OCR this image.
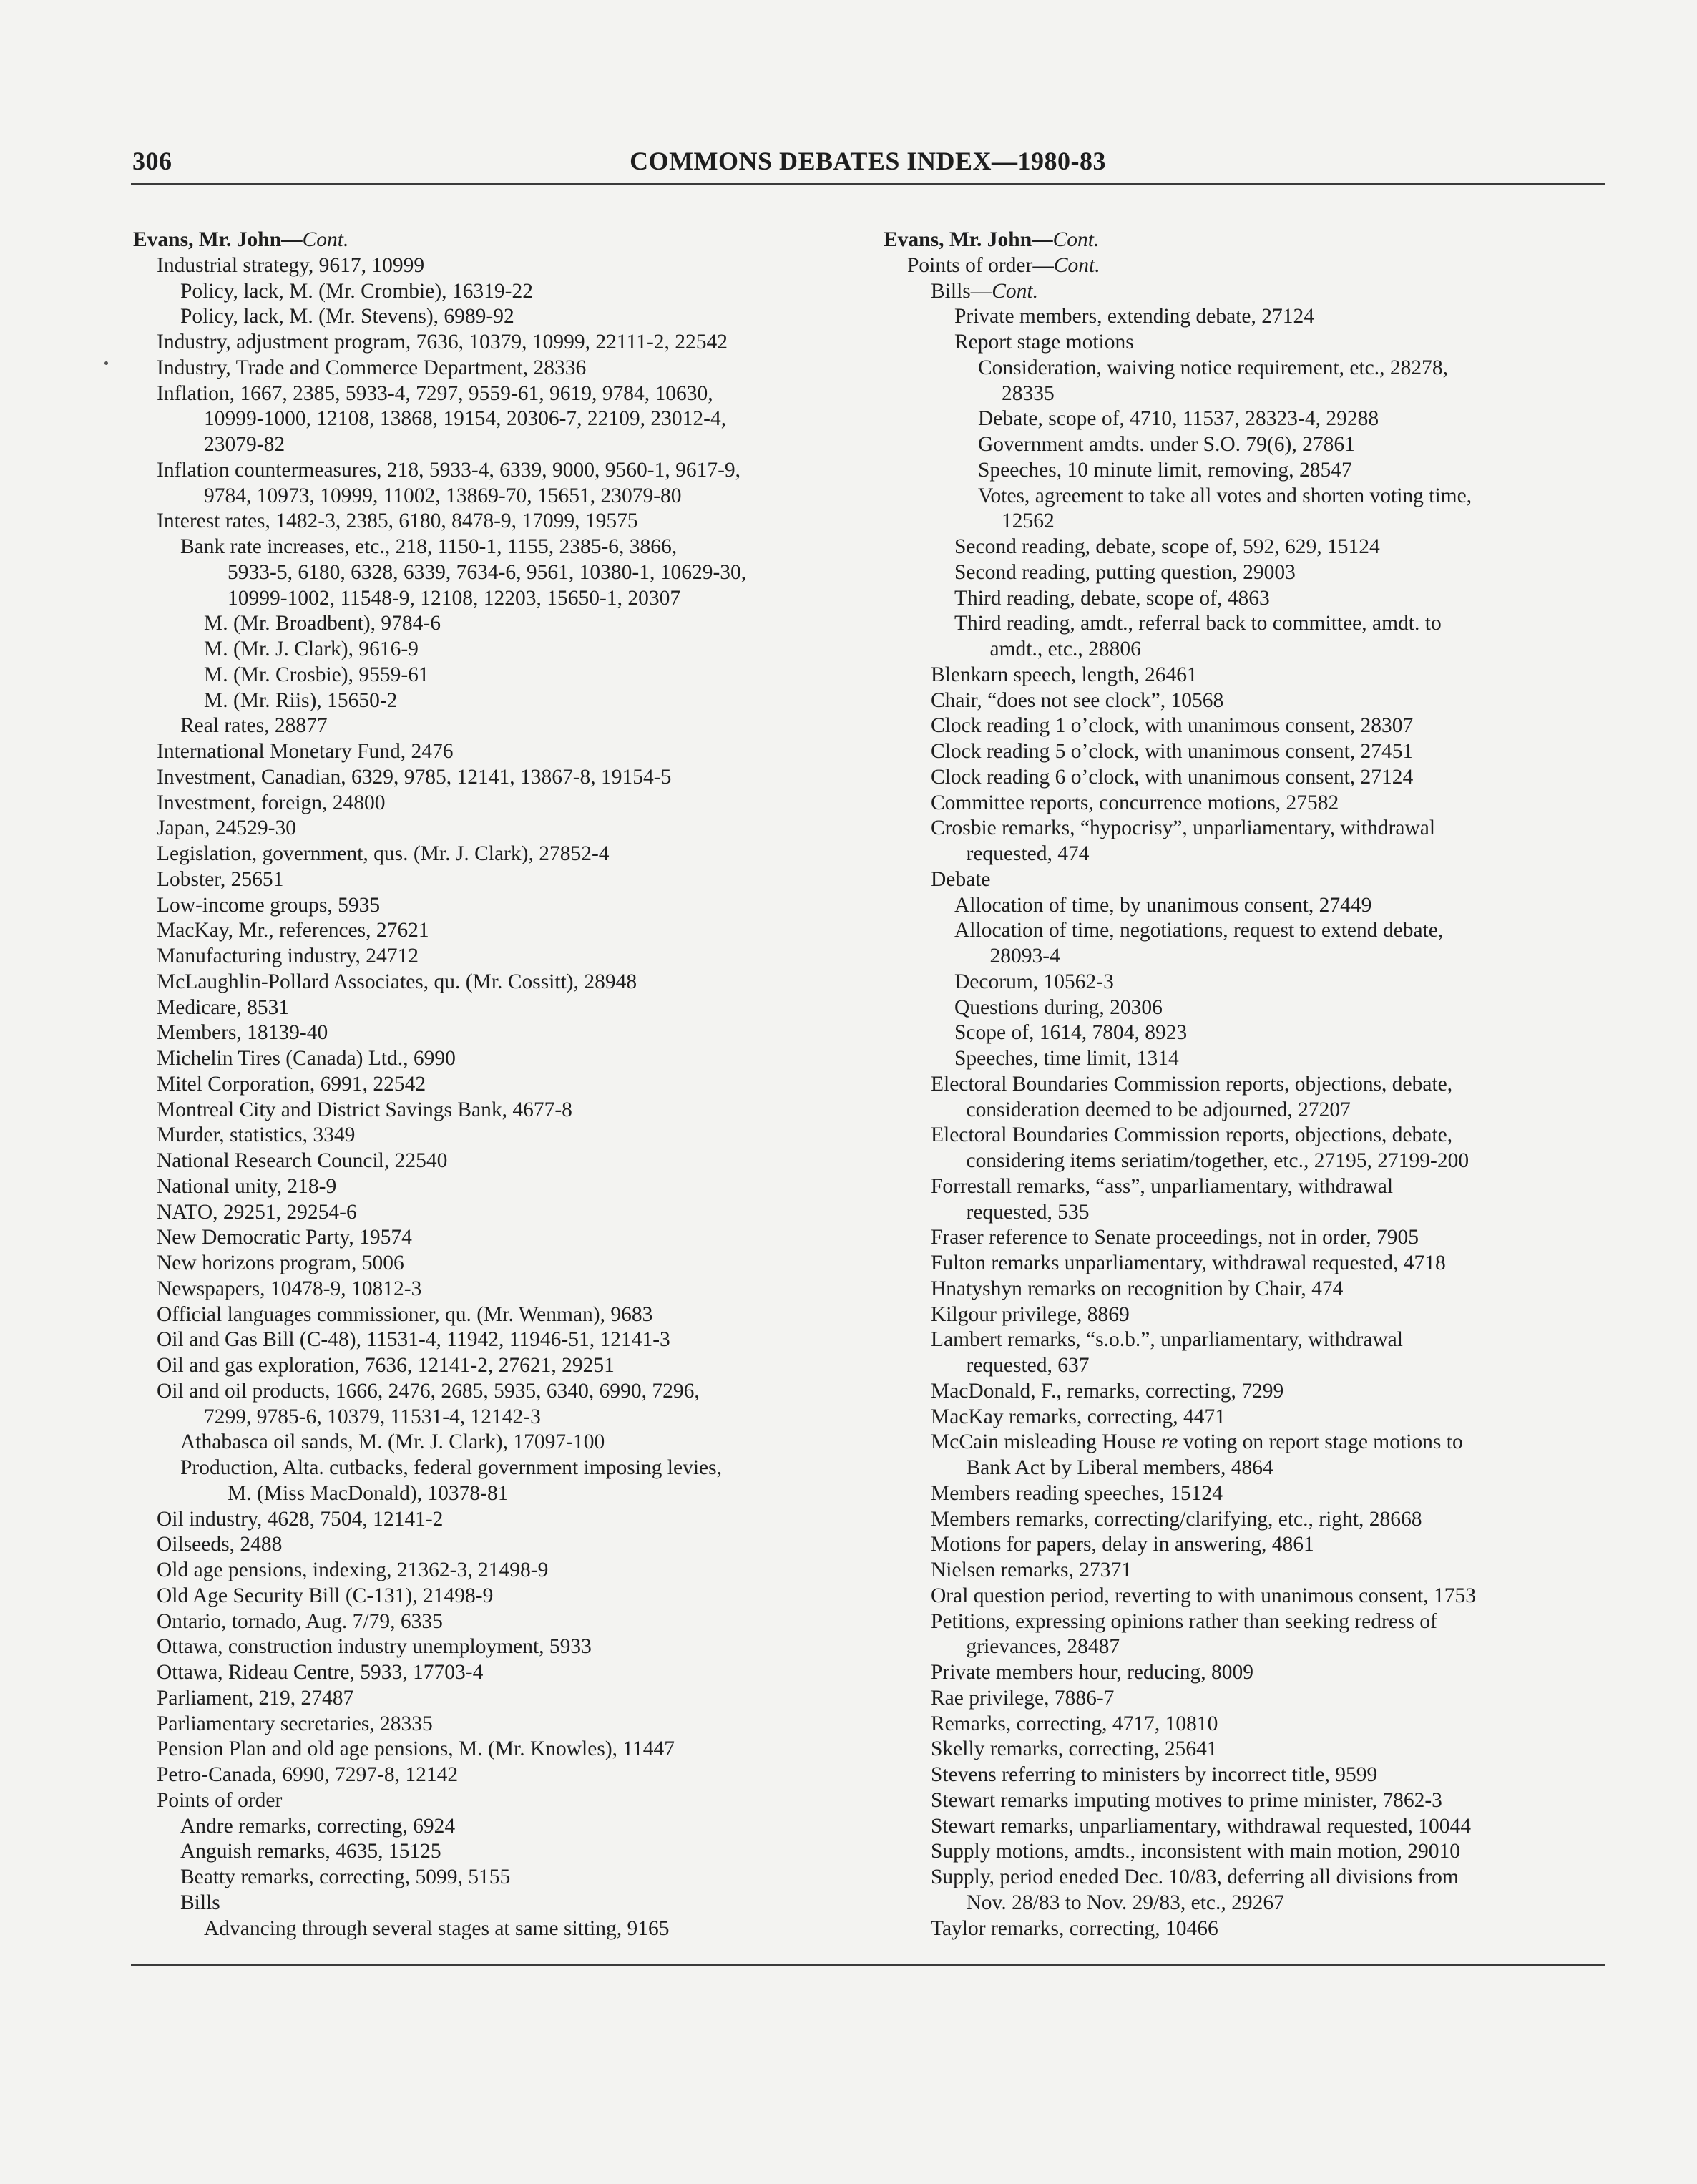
306	COMMONS DEBATES INDEX—1980-83
Evans, Mr. John—Cont.
Industrial strategy, 9617, 10999
Policy, lack, M. (Mr. Crombie), 16319-22
Policy, lack, M. (Mr. Stevens), 6989-92
Industry, adjustment program, 7636, 10379, 10999, 22111-2, 22542
Industry, Trade and Commerce Department, 28336
Inflation, 1667, 2385, 5933-4, 7297, 9559-61, 9619, 9784, 10630,
10999-1000, 12108, 13868, 19154, 20306-7, 22109, 23012-4,
23079-82
Inflation countermeasures, 218, 5933-4, 6339, 9000, 9560-1, 9617-9,
9784, 10973, 10999, 11002, 13869-70, 15651, 23079-80
Interest rates, 1482-3, 2385, 6180, 8478-9, 17099, 19575
Bank rate increases, etc., 218, 1150-1, 1155, 2385-6, 3866,
5933-5, 6180, 6328, 6339, 7634-6, 9561, 10380-1, 10629-30,
10999-1002, 11548-9, 12108, 12203, 15650-1, 20307
M. (Mr. Broadbent), 9784-6
M. (Mr. J. Clark), 9616-9
M. (Mr. Crosbie), 9559-61
M. (Mr. Riis), 15650-2
Real rates, 28877
International Monetary Fund, 2476
Investment, Canadian, 6329, 9785, 12141, 13867-8, 19154-5
Investment, foreign, 24800
Japan, 24529-30
Legislation, government, qus. (Mr. J. Clark), 27852-4
Lobster, 25651
Low-income groups, 5935
MacKay, Mr., references, 27621
Manufacturing industry, 24712
McLaughlin-Pollard Associates, qu. (Mr. Cossitt), 28948
Medicare, 8531
Members, 18139-40
Michelin Tires (Canada) Ltd., 6990
Mitel Corporation, 6991, 22542
Montreal City and District Savings Bank, 4677-8
Murder, statistics, 3349
National Research Council, 22540
National unity, 218-9
NATO, 29251, 29254-6
New Democratic Party, 19574
New horizons program, 5006
Newspapers, 10478-9, 10812-3
Official languages commissioner, qu. (Mr. Wenman), 9683
Oil and Gas Bill (C-48), 11531-4, 11942, 11946-51, 12141-3
Oil and gas exploration, 7636, 12141-2, 27621, 29251
Oil and oil products, 1666, 2476, 2685, 5935, 6340, 6990, 7296,
7299, 9785-6, 10379, 11531-4, 12142-3
Athabasca oil sands, M. (Mr. J. Clark), 17097-100
Production, Alta. cutbacks, federal government imposing levies,
M. (Miss MacDonald), 10378-81
Oil industry, 4628, 7504, 12141-2
Oilseeds, 2488
Old age pensions, indexing, 21362-3, 21498-9
Old Age Security Bill (C-131), 21498-9
Ontario, tornado, Aug. 7/79, 6335
Ottawa, construction industry unemployment, 5933
Ottawa, Rideau Centre, 5933, 17703-4
Parliament, 219, 27487
Parliamentary secretaries, 28335
Pension Plan and old age pensions, M. (Mr. Knowles), 11447
Petro-Canada, 6990, 7297-8, 12142
Points of order
Andre remarks, correcting, 6924
Anguish remarks, 4635, 15125
Beatty remarks, correcting, 5099, 5155
Bills
Advancing through several stages at same sitting, 9165
Evans, Mr. John—Cont.
Points of order—Cont.
Bills—Cont.
Private members, extending debate, 27124
Report stage motions
Consideration, waiving notice requirement, etc., 28278,
28335
Debate, scope of, 4710, 11537, 28323-4, 29288
Government amdts. under S.O. 79(6), 27861
Speeches, 10 minute limit, removing, 28547
Votes, agreement to take all votes and shorten voting time,
12562
Second reading, debate, scope of, 592, 629, 15124
Second reading, putting question, 29003
Third reading, debate, scope of, 4863
Third reading, amdt., referral back to committee, amdt. to
amdt., etc., 28806
Blenkarn speech, length, 26461
Chair, “does not see clock”, 10568
Clock reading 1 o’clock, with unanimous consent, 28307
Clock reading 5 o’clock, with unanimous consent, 27451
Clock reading 6 o’clock, with unanimous consent, 27124
Committee reports, concurrence motions, 27582
Crosbie remarks, “hypocrisy”, unparliamentary, withdrawal
requested, 474
Debate
Allocation of time, by unanimous consent, 27449
Allocation of time, negotiations, request to extend debate,
28093-4
Decorum, 10562-3
Questions during, 20306
Scope of, 1614, 7804, 8923
Speeches, time limit, 1314
Electoral Boundaries Commission reports, objections, debate,
consideration deemed to be adjourned, 27207
Electoral Boundaries Commission reports, objections, debate,
considering items seriatim/together, etc., 27195, 27199-200
Forrestall remarks, “ass”, unparliamentary, withdrawal
requested, 535
Fraser reference to Senate proceedings, not in order, 7905
Fulton remarks unparliamentary, withdrawal requested, 4718
Hnatyshyn remarks on recognition by Chair, 474
Kilgour privilege, 8869
Lambert remarks, “s.o.b.”, unparliamentary, withdrawal
requested, 637
MacDonald, F., remarks, correcting, 7299
MacKay remarks, correcting, 4471
McCain misleading House re voting on report stage motions to
Bank Act by Liberal members, 4864
Members reading speeches, 15124
Members remarks, correcting/clarifying, etc., right, 28668
Motions for papers, delay in answering, 4861
Nielsen remarks, 27371
Oral question period, reverting to with unanimous consent, 1753
Petitions, expressing opinions rather than seeking redress of
grievances, 28487
Private members hour, reducing, 8009
Rae privilege, 7886-7
Remarks, correcting, 4717, 10810
Skelly remarks, correcting, 25641
Stevens referring to ministers by incorrect title, 9599
Stewart remarks imputing motives to prime minister, 7862-3
Stewart remarks, unparliamentary, withdrawal requested, 10044
Supply motions, amdts., inconsistent with main motion, 29010
Supply, period eneded Dec. 10/83, deferring all divisions from
Nov. 28/83 to Nov. 29/83, etc., 29267
Taylor remarks, correcting, 10466
